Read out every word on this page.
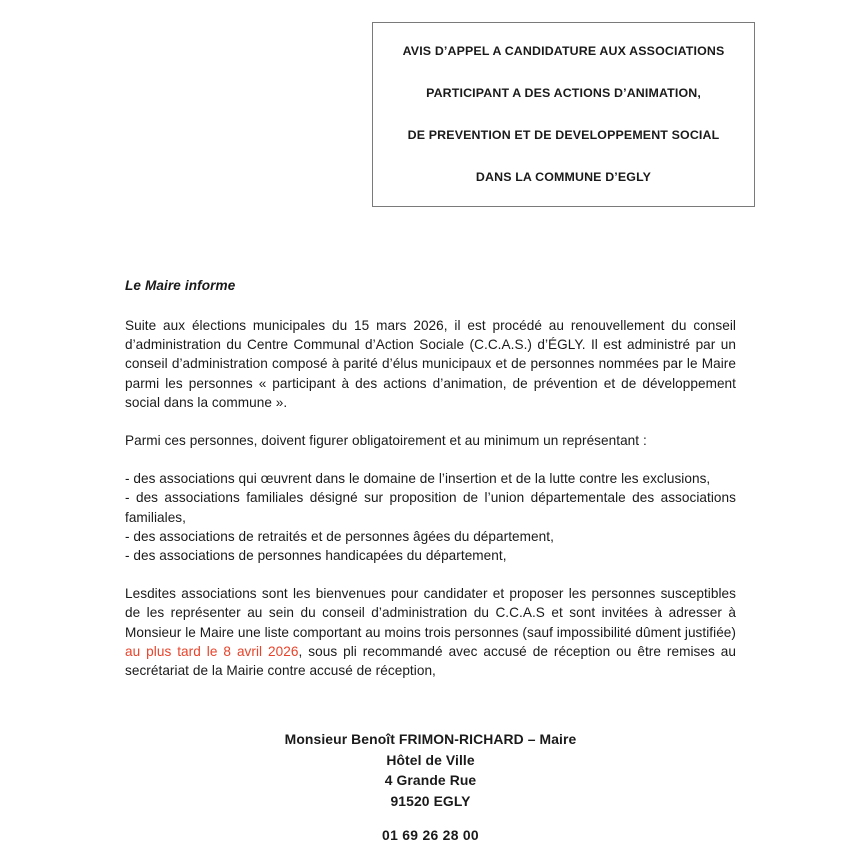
AVIS D’APPEL A CANDIDATURE AUX ASSOCIATIONS
PARTICIPANT A DES ACTIONS D’ANIMATION,
DE PREVENTION ET DE DEVELOPPEMENT SOCIAL
DANS LA COMMUNE D’EGLY
Le Maire informe

Suite aux élections municipales du 15 mars 2026, il est procédé au renouvellement du conseil d’administration du Centre Communal d’Action Sociale (C.C.A.S.) d’ÉGLY. Il est administré par un conseil d’administration composé à parité d’élus municipaux et de personnes nommées par le Maire parmi les personnes « participant à des actions d’animation, de prévention et de développement social dans la commune ».

Parmi ces personnes, doivent figurer obligatoirement et au minimum un représentant :

- des associations qui œuvrent dans le domaine de l’insertion et de la lutte contre les exclusions,
- des associations familiales désigné sur proposition de l’union départementale des associations familiales,
- des associations de retraités et de personnes âgées du département,
- des associations de personnes handicapées du département,

Lesdites associations sont les bienvenues pour candidater et proposer les personnes susceptibles de les représenter au sein du conseil d’administration du C.C.A.S et sont invitées à adresser à Monsieur le Maire une liste comportant au moins trois personnes (sauf impossibilité dûment justifiée) au plus tard le 8 avril 2026, sous pli recommandé avec accusé de réception ou être remises au secrétariat de la Mairie contre accusé de réception,

Monsieur Benoît FRIMON-RICHARD – Maire
Hôtel de Ville
4 Grande Rue
91520 EGLY
01 69 26 28 00
